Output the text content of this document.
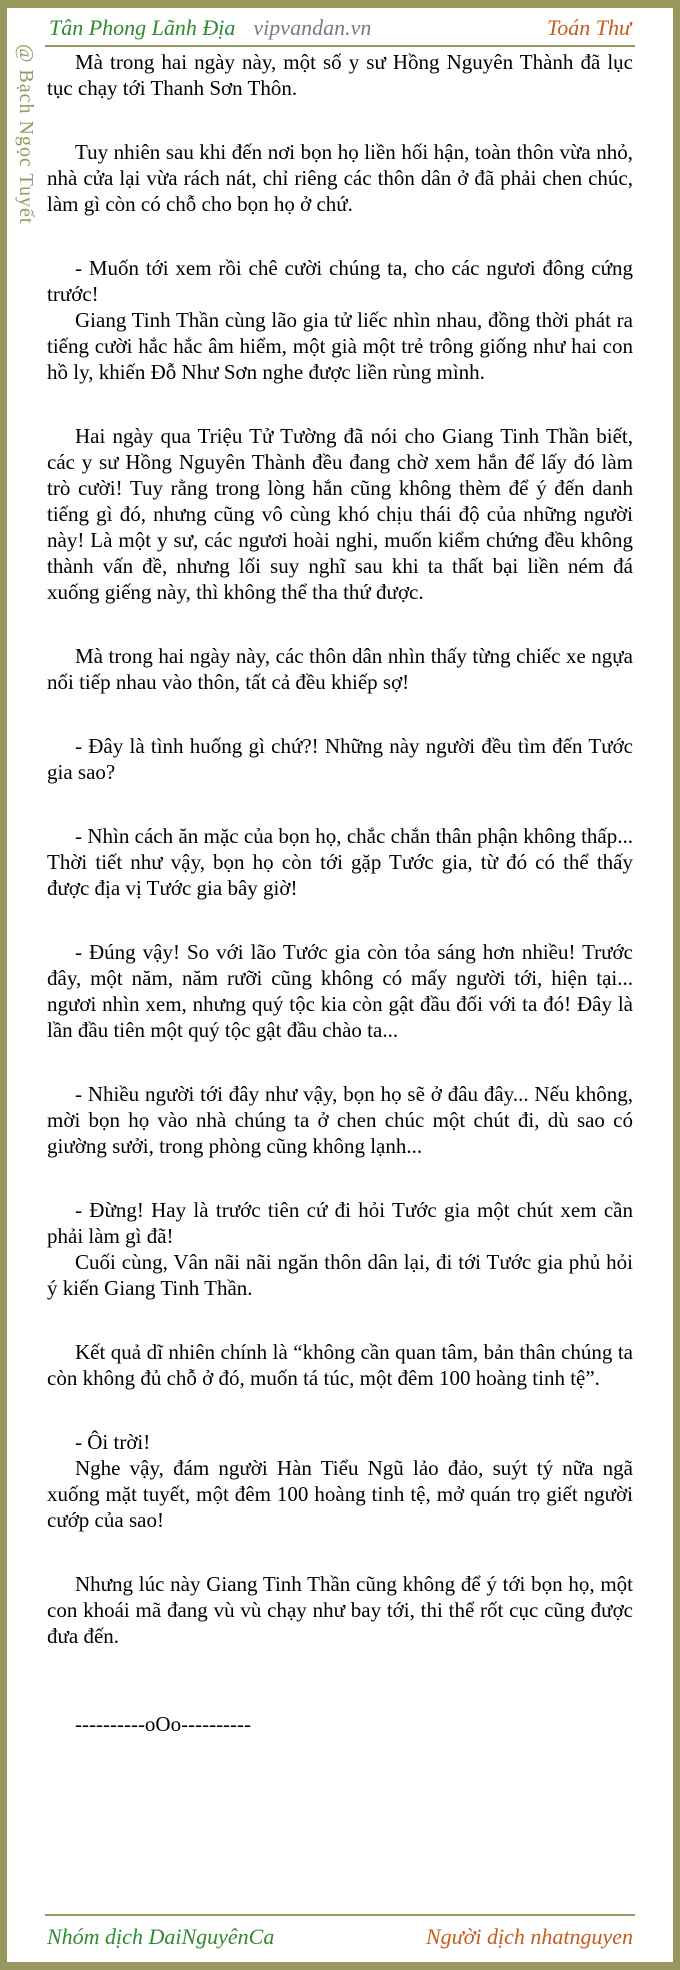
Tân Phong Lãnh Địa vipvandan.vn	Toán Thư
@ Bạch Ngọc Tuyết	Mà trong hai ngày này, một số y sư Hồng Nguyên Thành đã lục tục chạy tới Thanh Sơn Thôn.

Tuy nhiên sau khi đến nơi bọn họ liền hối hận, toàn thôn vừa nhỏ, nhà cửa lại vừa rách nát, chỉ riêng các thôn dân ở đã phải chen chúc, làm gì còn có chỗ cho bọn họ ở chứ.

- Muốn tới xem rồi chê cười chúng ta, cho các ngươi đông cứng trước!

Giang Tinh Thần cùng lão gia tử liếc nhìn nhau, đồng thời phát ra tiếng cười hắc hắc âm hiểm, một già một trẻ trông giống như hai con hồ ly, khiến Đỗ Như Sơn nghe được liền rùng mình.

Hai ngày qua Triệu Tử Tường đã nói cho Giang Tinh Thần biết, các y sư Hồng Nguyên Thành đều đang chờ xem hắn để lấy đó làm trò cười! Tuy rằng trong lòng hắn cũng không thèm để ý đến danh tiếng gì đó, nhưng cũng vô cùng khó chịu thái độ của những người này! Là một y sư, các ngươi hoài nghi, muốn kiểm chứng đều không thành vấn đề, nhưng lối suy nghĩ sau khi ta thất bại liền ném đá xuống giếng này, thì không thể tha thứ được.

Mà trong hai ngày này, các thôn dân nhìn thấy từng chiếc xe ngựa nối tiếp nhau vào thôn, tất cả đều khiếp sợ!

- Đây là tình huống gì chứ?! Những này người đều tìm đến Tước gia sao?

- Nhìn cách ăn mặc của bọn họ, chắc chắn thân phận không thấp... Thời tiết như vậy, bọn họ còn tới gặp Tước gia, từ đó có thể thấy được địa vị Tước gia bây giờ!

- Đúng vậy! So với lão Tước gia còn tỏa sáng hơn nhiều! Trước đây, một năm, năm rưỡi cũng không có mấy người tới, hiện tại... ngươi nhìn xem, nhưng quý tộc kia còn gật đầu đối với ta đó! Đây là lần đầu tiên một quý tộc gật đầu chào ta...

- Nhiều người tới đây như vậy, bọn họ sẽ ở đâu đây... Nếu không, mời bọn họ vào nhà chúng ta ở chen chúc một chút đi, dù sao có giường sưởi, trong phòng cũng không lạnh...

- Đừng! Hay là trước tiên cứ đi hỏi Tước gia một chút xem cần phải làm gì đã!

Cuối cùng, Vân nãi nãi ngăn thôn dân lại, đi tới Tước gia phủ hỏi ý kiến Giang Tinh Thần.

Kết quả dĩ nhiên chính là “không cần quan tâm, bản thân chúng ta còn không đủ chỗ ở đó, muốn tá túc, một đêm 100 hoàng tinh tệ”.

- Ôi trời!

Nghe vậy, đám người Hàn Tiểu Ngũ lảo đảo, suýt tý nữa ngã xuống mặt tuyết, một đêm 100 hoàng tinh tệ, mở quán trọ giết người cướp của sao!

Nhưng lúc này Giang Tinh Thần cũng không để ý tới bọn họ, một con khoái mã đang vù vù chạy như bay tới, thi thể rốt cục cũng được đưa đến.

----------oOo----------

Nhóm dịch DaiNguyênCa	Người dịch nhatnguyen
